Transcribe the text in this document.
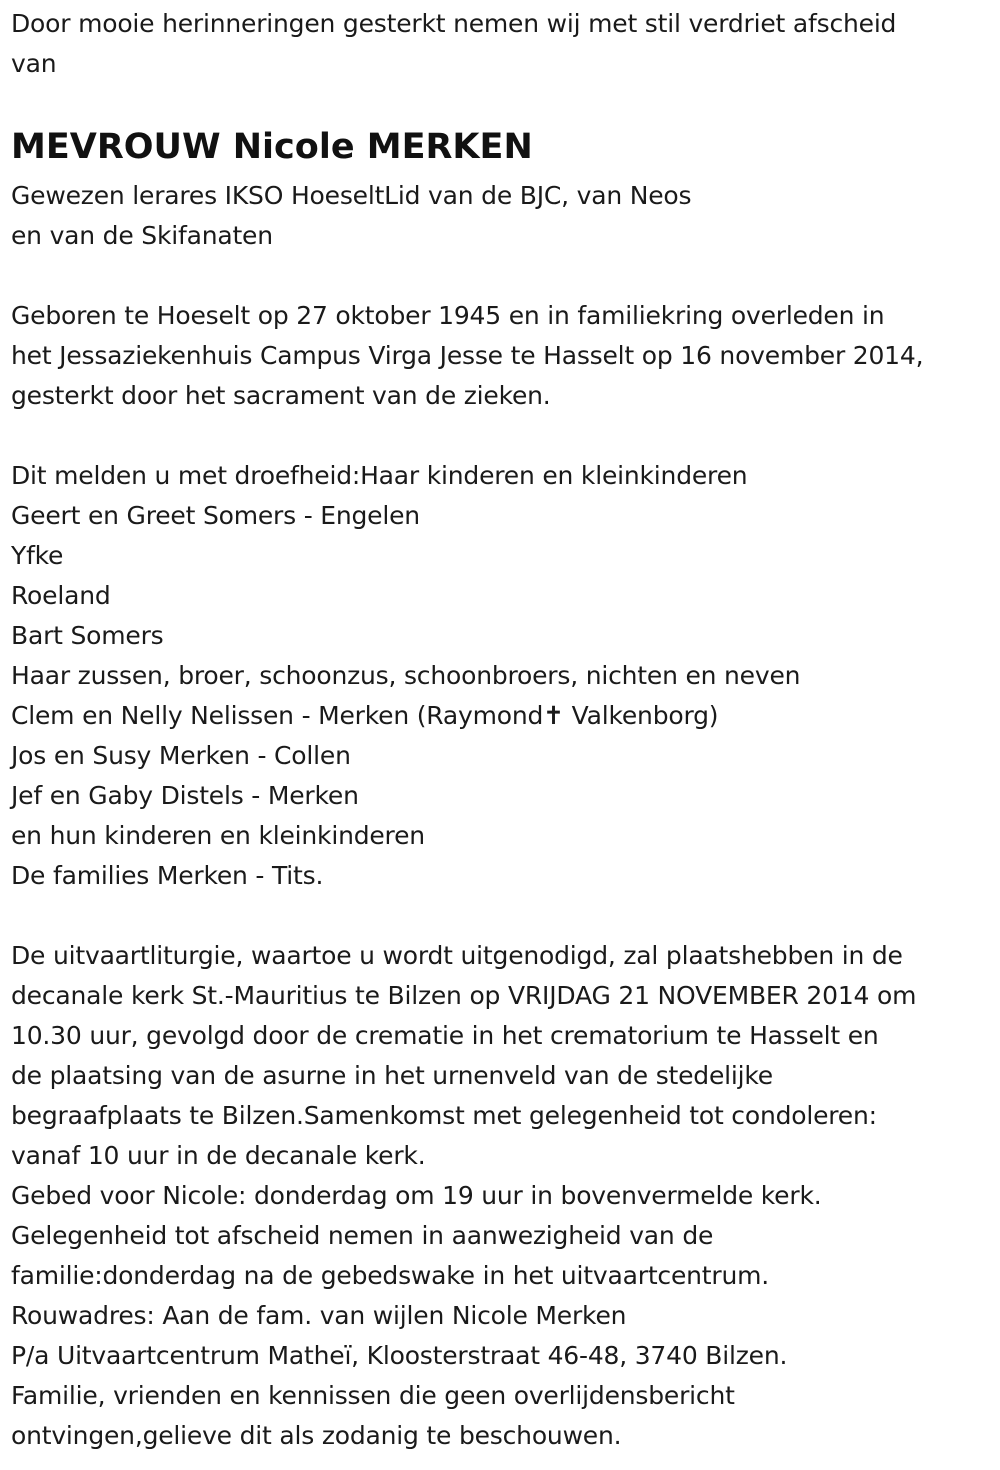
Door mooie herinneringen gesterkt nemen wij met stil verdriet afscheid
van
MEVROUW Nicole MERKEN
Gewezen lerares IKSO HoeseltLid van de BJC, van Neos
en van de Skifanaten
Geboren te Hoeselt op 27 oktober 1945 en in familiekring overleden in
het Jessaziekenhuis Campus Virga Jesse te Hasselt op 16 november 2014,
gesterkt door het sacrament van de zieken.
Dit melden u met droefheid:Haar kinderen en kleinkinderen
Geert en Greet Somers - Engelen
Yfke
Roeland
Bart Somers
Haar zussen, broer, schoonzus, schoonbroers, nichten en neven
Clem en Nelly Nelissen - Merken (Raymond✝ Valkenborg)
Jos en Susy Merken - Collen
Jef en Gaby Distels - Merken
en hun kinderen en kleinkinderen
De families Merken - Tits.
De uitvaartliturgie, waartoe u wordt uitgenodigd, zal plaatshebben in de
decanale kerk St.-Mauritius te Bilzen op VRIJDAG 21 NOVEMBER 2014 om
10.30 uur, gevolgd door de crematie in het crematorium te Hasselt en
de plaatsing van de asurne in het urnenveld van de stedelijke
begraafplaats te Bilzen.Samenkomst met gelegenheid tot condoleren:
vanaf 10 uur in de decanale kerk.
Gebed voor Nicole: donderdag om 19 uur in bovenvermelde kerk.
Gelegenheid tot afscheid nemen in aanwezigheid van de
familie:donderdag na de gebedswake in het uitvaartcentrum.
Rouwadres: Aan de fam. van wijlen Nicole Merken
P/a Uitvaartcentrum Matheï, Kloosterstraat 46-48, 3740 Bilzen.
Familie, vrienden en kennissen die geen overlijdensbericht
ontvingen,gelieve dit als zodanig te beschouwen.
